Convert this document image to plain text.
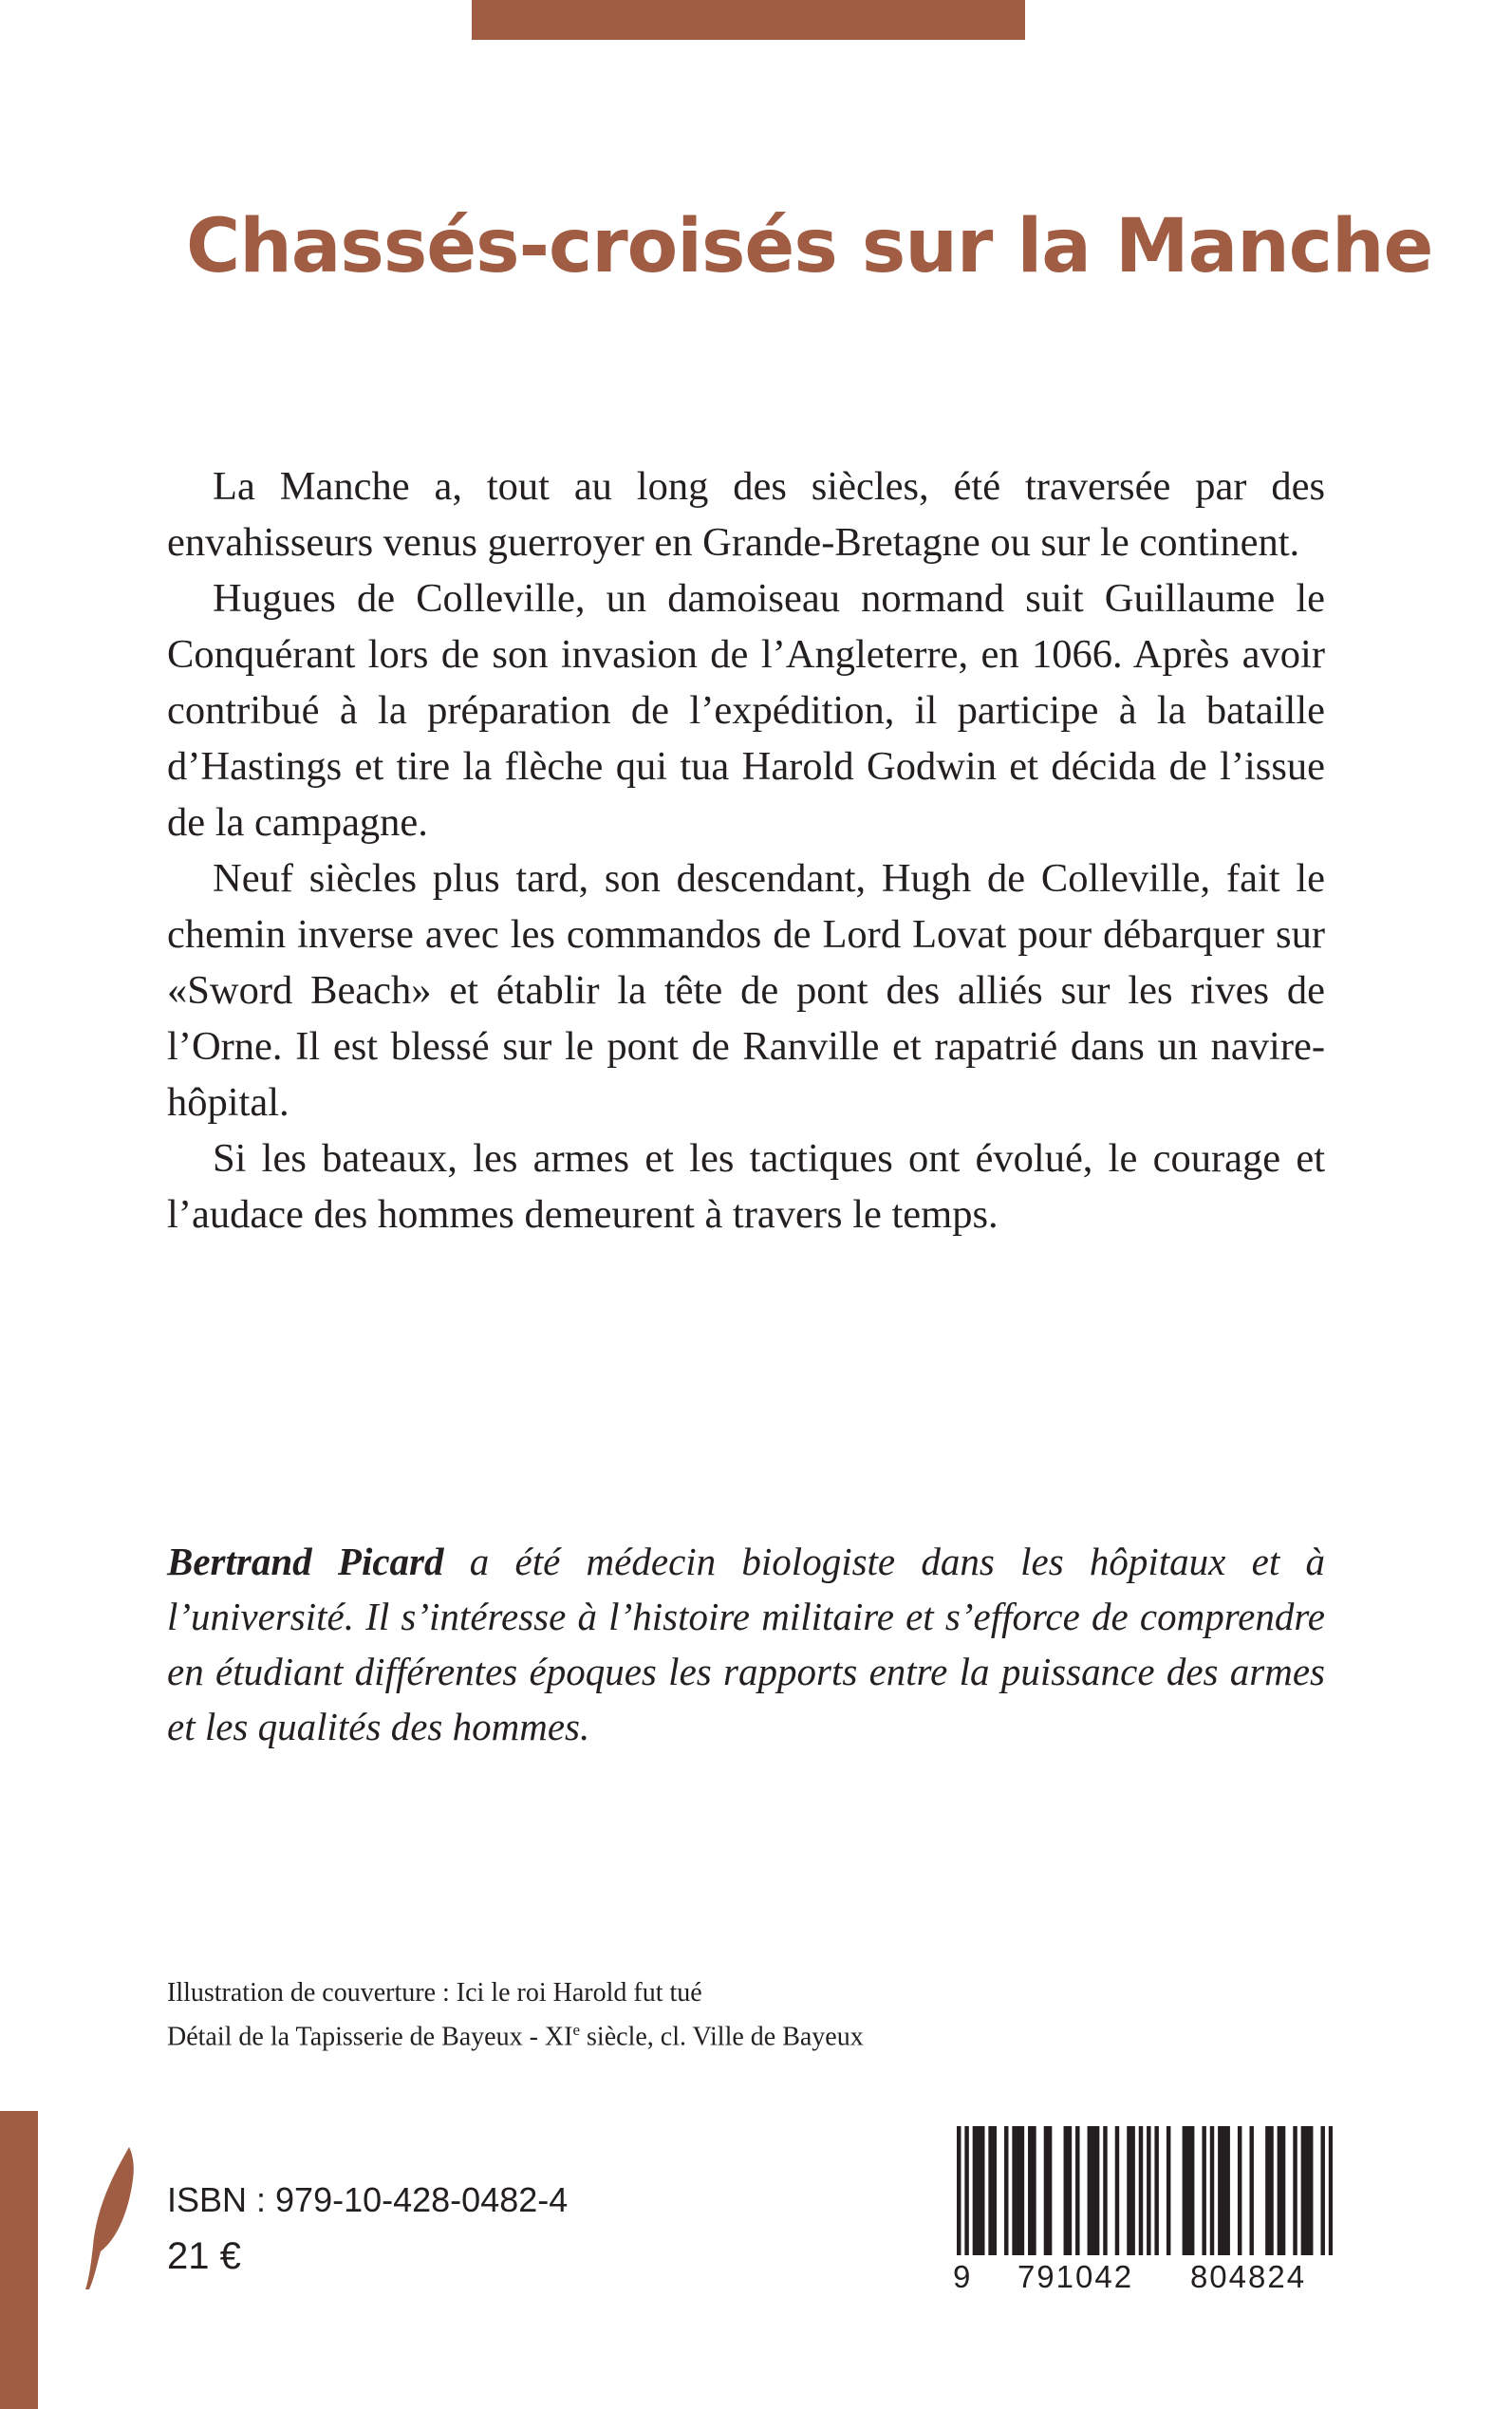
Chassés-croisés sur la Manche

La Manche a, tout au long des siècles, été traversée par des envahisseurs venus guerroyer en Grande-Bretagne ou sur le continent.

Hugues de Colleville, un damoiseau normand suit Guillaume le Conquérant lors de son invasion de l’Angleterre, en 1066. Après avoir contribué à la préparation de l’expédition, il participe à la bataille d’Hastings et tire la flèche qui tua Harold Godwin et décida de l’issue de la campagne.

Neuf siècles plus tard, son descendant, Hugh de Colleville, fait le chemin inverse avec les commandos de Lord Lovat pour débarquer sur «Sword Beach» et établir la tête de pont des alliés sur les rives de l’Orne. Il est blessé sur le pont de Ranville et rapatrié dans un navire-hôpital.

Si les bateaux, les armes et les tactiques ont évolué, le courage et l’audace des hommes demeurent à travers le temps.

Bertrand Picard a été médecin biologiste dans les hôpitaux et à l’université. Il s’intéresse à l’histoire militaire et s’efforce de comprendre en étudiant différentes époques les rapports entre la puissance des armes et les qualités des hommes.
Illustration de couverture : Ici le roi Harold fut tué
Détail de la Tapisserie de Bayeux - XIe siècle, cl. Ville de Bayeux
ISBN : 979-10-428-0482-4
21 €	9	791042	804824
